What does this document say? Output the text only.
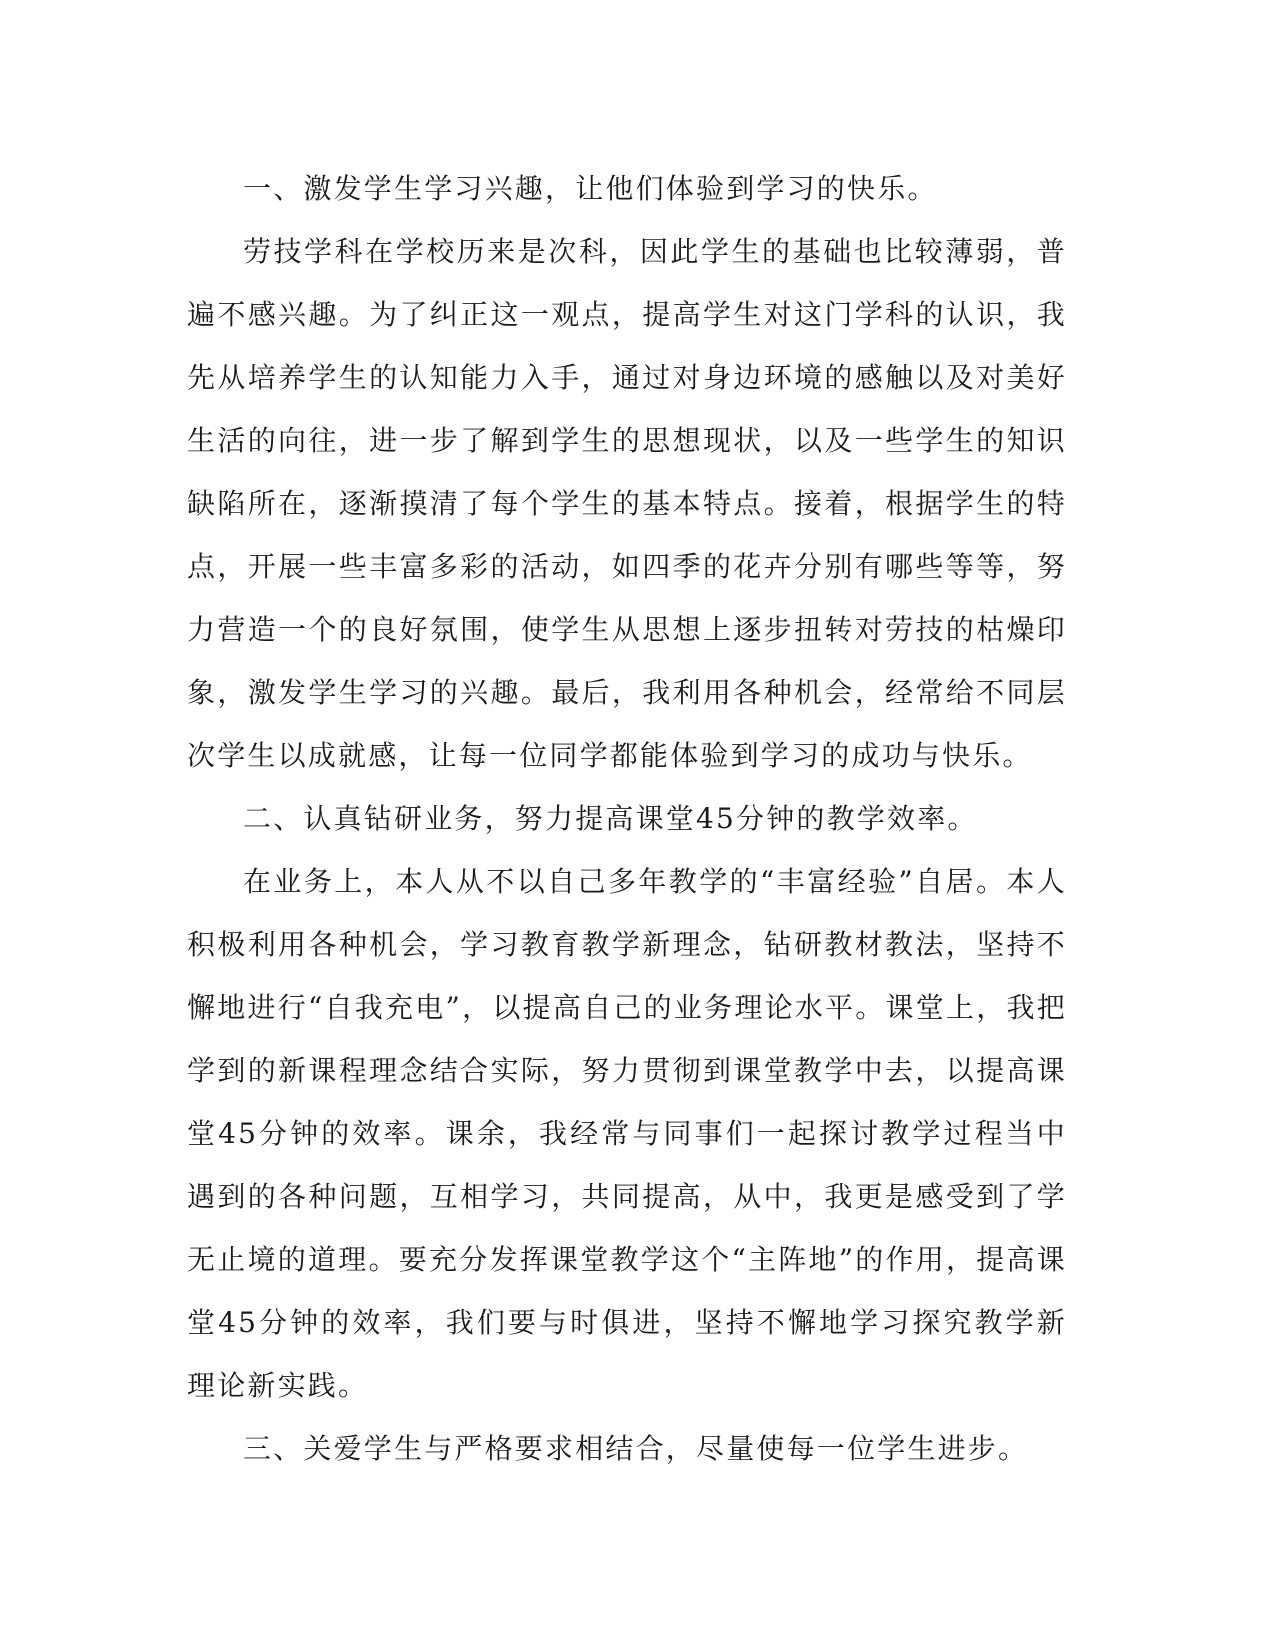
一、激发学生学习兴趣，让他们体验到学习的快乐。

劳技学科在学校历来是次科，因此学生的基础也比较薄弱，普遍不感兴趣。为了纠正这一观点，提高学生对这门学科的认识，我先从培养学生的认知能力入手，通过对身边环境的感触以及对美好生活的向往，进一步了解到学生的思想现状，以及一些学生的知识缺陷所在，逐渐摸清了每个学生的基本特点。接着，根据学生的特点，开展一些丰富多彩的活动，如四季的花卉分别有哪些等等，努力营造一个的良好氛围，使学生从思想上逐步扭转对劳技的枯燥印象，激发学生学习的兴趣。最后，我利用各种机会，经常给不同层次学生以成就感，让每一位同学都能体验到学习的成功与快乐。

二、认真钻研业务，努力提高课堂45分钟的教学效率。

在业务上，本人从不以自己多年教学的“丰富经验”自居。本人积极利用各种机会，学习教育教学新理念，钻研教材教法，坚持不懈地进行“自我充电”，以提高自己的业务理论水平。课堂上，我把学到的新课程理念结合实际，努力贯彻到课堂教学中去，以提高课堂45分钟的效率。课余，我经常与同事们一起探讨教学过程当中遇到的各种问题，互相学习，共同提高，从中，我更是感受到了学无止境的道理。要充分发挥课堂教学这个“主阵地”的作用，提高课堂45分钟的效率，我们要与时俱进，坚持不懈地学习探究教学新理论新实践。

三、关爱学生与严格要求相结合，尽量使每一位学生进步。
